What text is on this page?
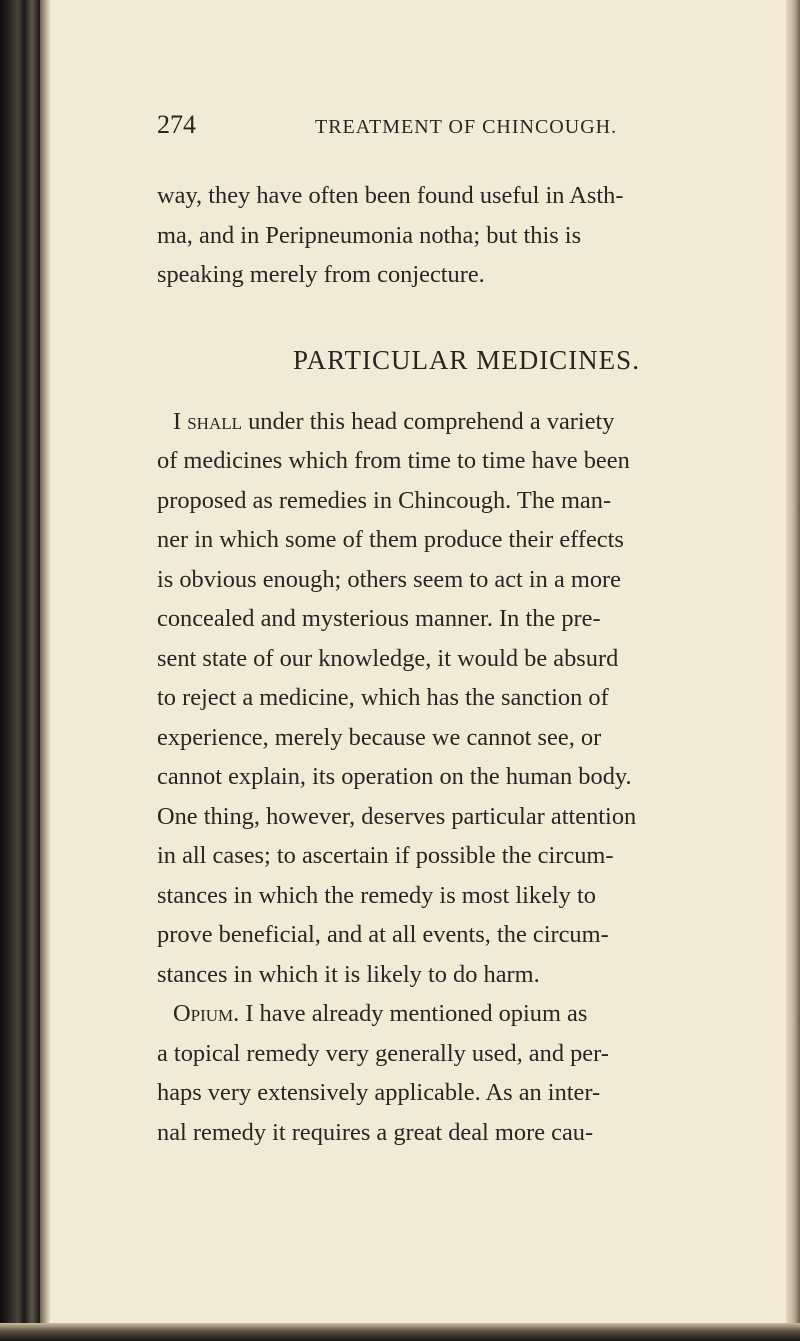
274	TREATMENT OF CHINCOUGH.

way, they have often been found useful in Asth-
ma, and in Peripneumonia notha; but this is
speaking merely from conjecture.

PARTICULAR MEDICINES.

I shall under this head comprehend a variety
of medicines which from time to time have been
proposed as remedies in Chincough. The man-
ner in which some of them produce their effects
is obvious enough; others seem to act in a more
concealed and mysterious manner. In the pre-
sent state of our knowledge, it would be absurd
to reject a medicine, which has the sanction of
experience, merely because we cannot see, or
cannot explain, its operation on the human body.
One thing, however, deserves particular attention
in all cases; to ascertain if possible the circum-
stances in which the remedy is most likely to
prove beneficial, and at all events, the circum-
stances in which it is likely to do harm.

Opium. I have already mentioned opium as
a topical remedy very generally used, and per-
haps very extensively applicable. As an inter-
nal remedy it requires a great deal more cau-
